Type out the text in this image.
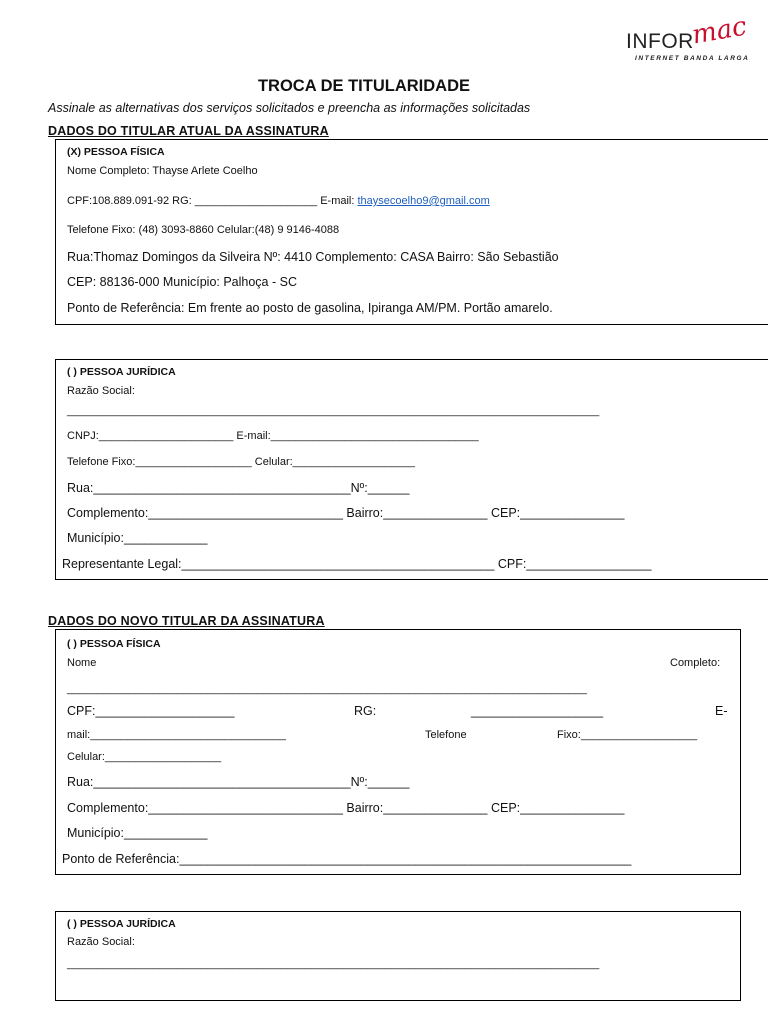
INFOR
mac
INTERNET BANDA LARGA
TROCA DE TITULARIDADE
Assinale as alternativas dos serviços solicitados e preencha as informações solicitadas
DADOS DO TITULAR ATUAL DA ASSINATURA
(X) PESSOA FÍSICA
Nome Completo: Thayse Arlete Coelho
CPF:108.889.091-92 RG: ____________________ E-mail: thaysecoelho9@gmail.com
Telefone Fixo: (48) 3093-8860 Celular:(48) 9 9146-4088
Rua:Thomaz Domingos da Silveira Nº: 4410 Complemento: CASA Bairro: São Sebastião
CEP: 88136-000 Município: Palhoça - SC
Ponto de Referência: Em frente ao posto de gasolina, Ipiranga AM/PM. Portão amarelo.
( ) PESSOA JURÍDICA
Razão Social:
_______________________________________________________________________________________
CNPJ:______________________ E-mail:__________________________________
Telefone Fixo:___________________ Celular:____________________
Rua:_____________________________________Nº:______
Complemento:____________________________ Bairro:_______________ CEP:_______________
Município:____________
Representante Legal:_____________________________________________ CPF:__________________
DADOS DO NOVO TITULAR DA ASSINATURA
( ) PESSOA FÍSICA
Nome	Completo:
_____________________________________________________________________________________
CPF:____________________	RG:	___________________	E-
mail:________________________________	Telefone	Fixo:___________________
Celular:___________________
Rua:_____________________________________Nº:______
Complemento:____________________________ Bairro:_______________ CEP:_______________
Município:____________
Ponto de Referência:_________________________________________________________________
( ) PESSOA JURÍDICA
Razão Social:
_______________________________________________________________________________________
